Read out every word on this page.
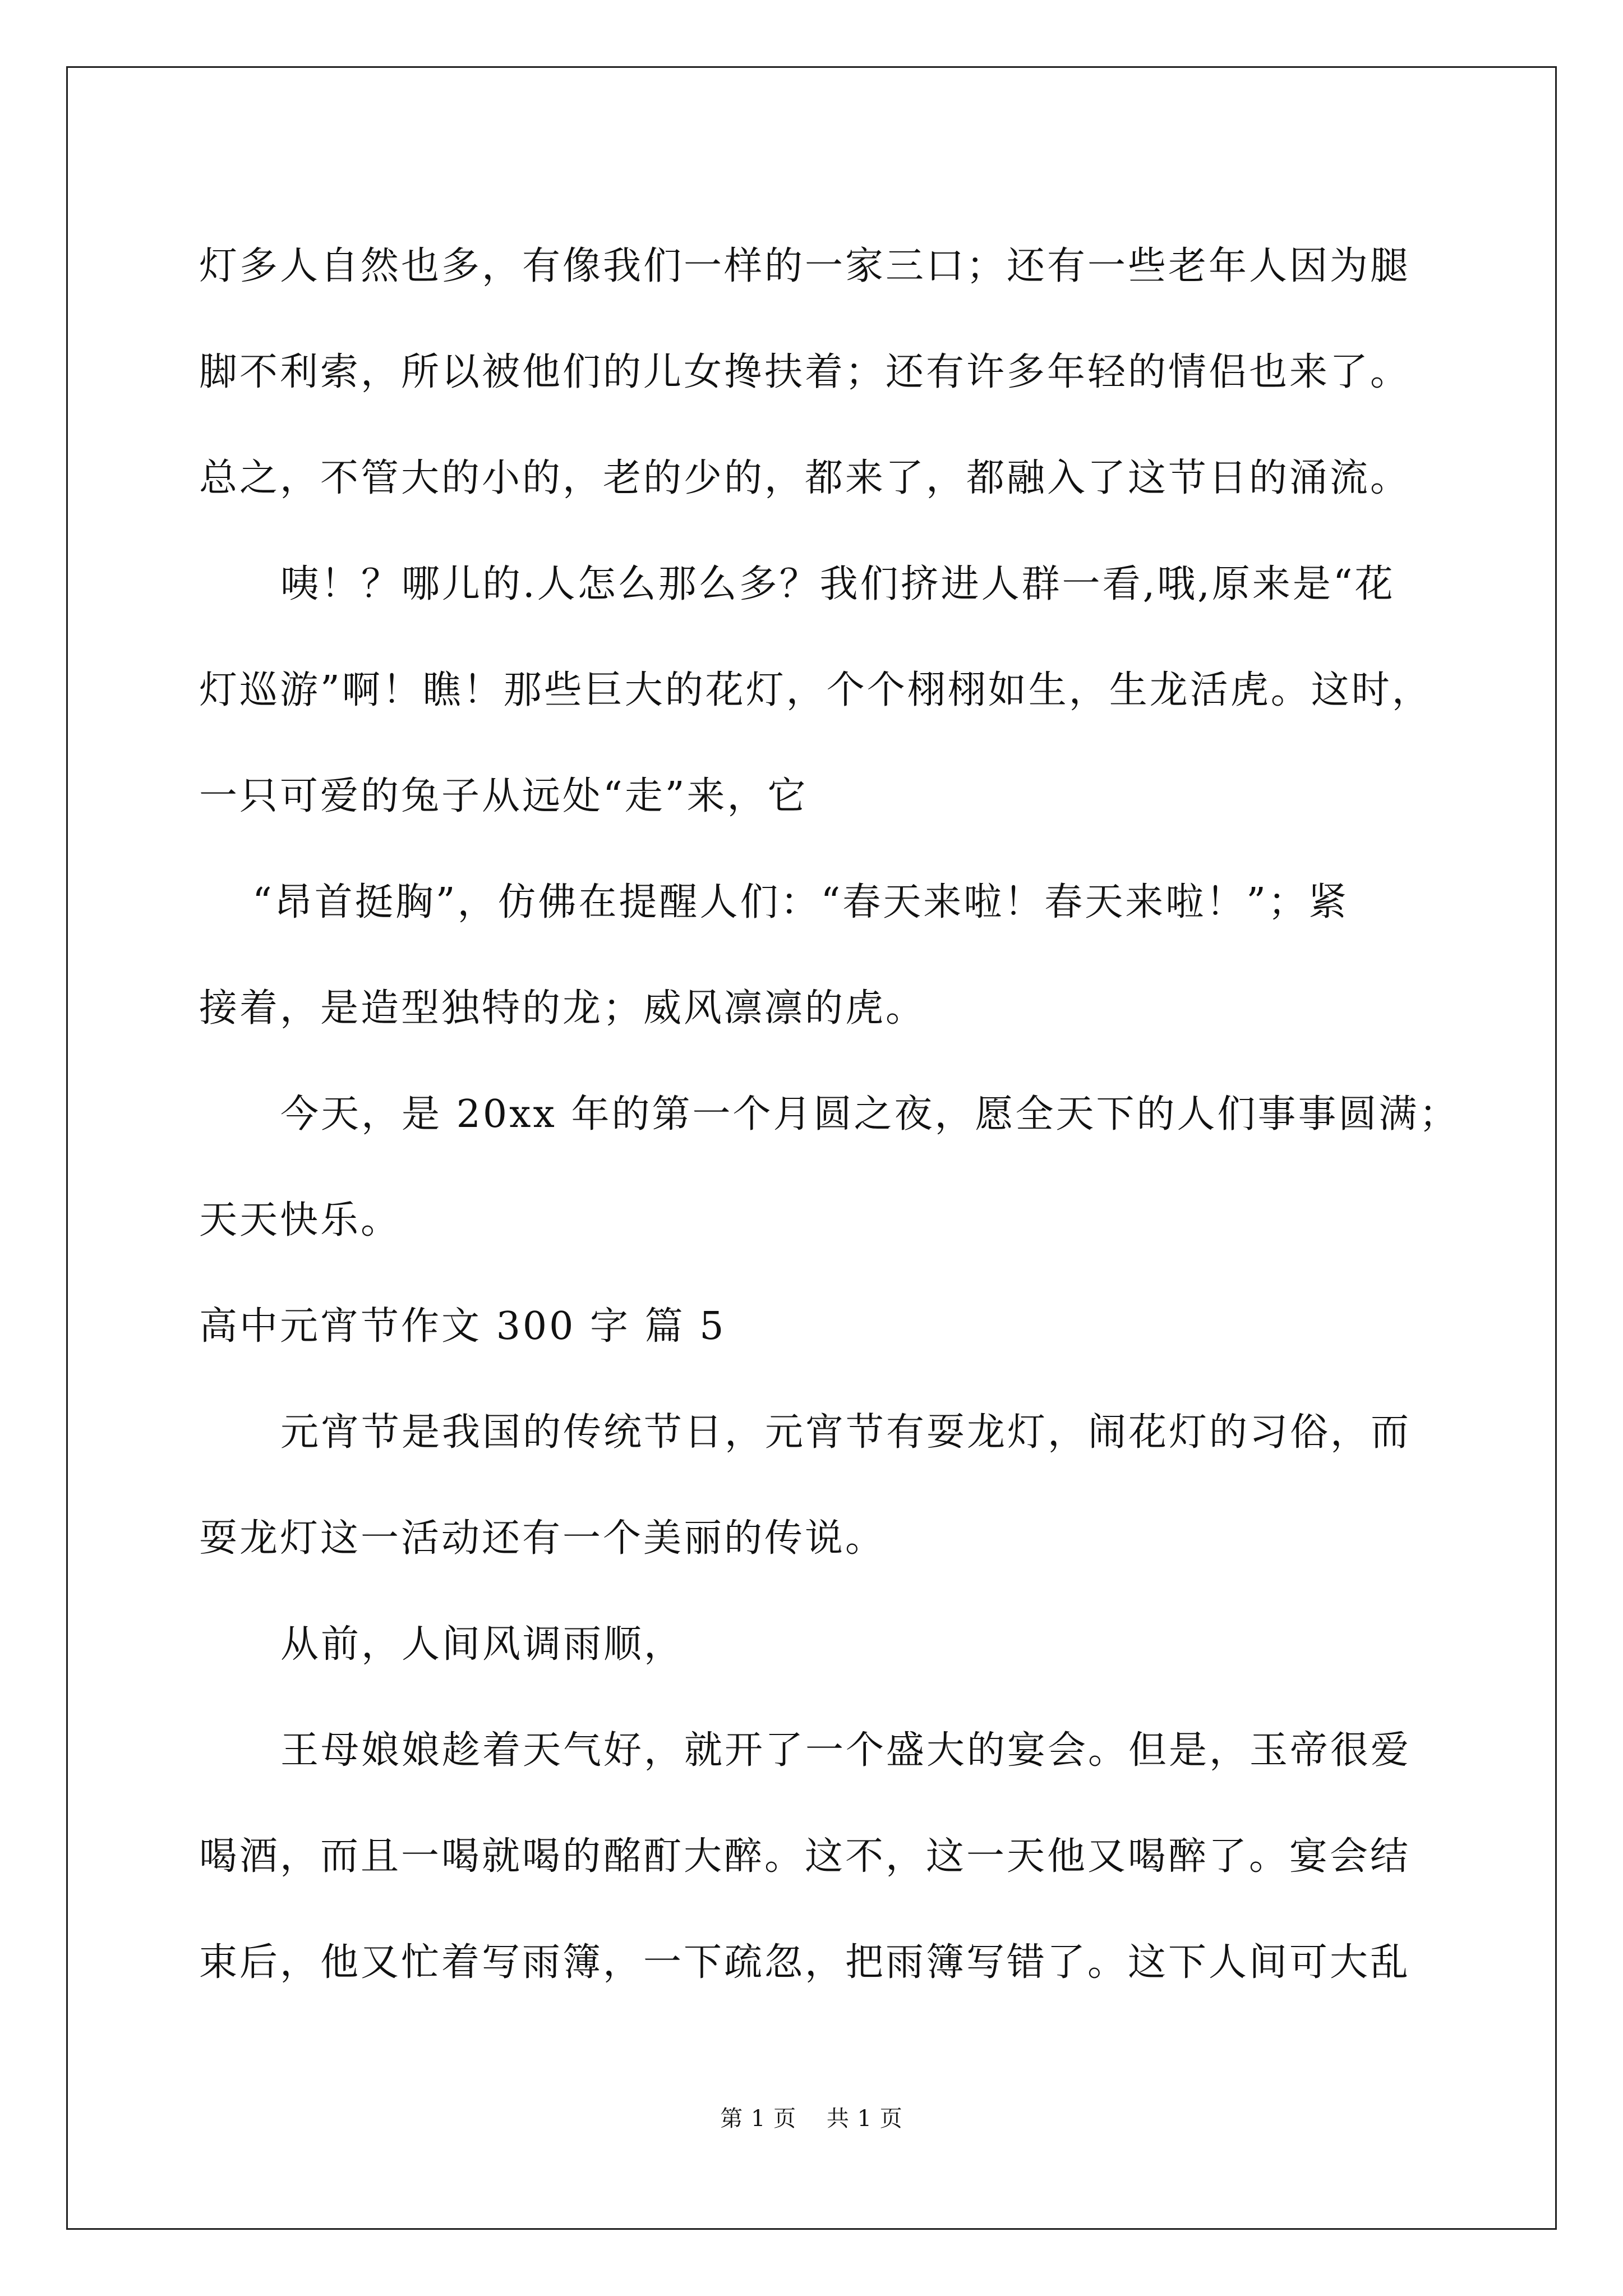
灯多人自然也多，有像我们一样的一家三口；还有一些老年人因为腿
脚不利索，所以被他们的儿女搀扶着；还有许多年轻的情侣也来了。
总之，不管大的小的，老的少的，都来了，都融入了这节日的涌流。
咦！？哪儿的.人怎么那么多？我们挤进人群一看,哦,原来是“花
灯巡游”啊！瞧！那些巨大的花灯，个个栩栩如生，生龙活虎。这时，
一只可爱的兔子从远处“走”来，它
“昂首挺胸”，仿佛在提醒人们：“春天来啦！春天来啦！”；紧
接着，是造型独特的龙；威风凛凛的虎。
今天，是 20xx 年的第一个月圆之夜，愿全天下的人们事事圆满；
天天快乐。
高中元宵节作文 300 字 篇 5
元宵节是我国的传统节日，元宵节有耍龙灯，闹花灯的习俗，而
耍龙灯这一活动还有一个美丽的传说。
从前，人间风调雨顺，
王母娘娘趁着天气好，就开了一个盛大的宴会。但是，玉帝很爱
喝酒，而且一喝就喝的酩酊大醉。这不，这一天他又喝醉了。宴会结
束后，他又忙着写雨簿，一下疏忽，把雨簿写错了。这下人间可大乱
第 1 页 共 1 页
